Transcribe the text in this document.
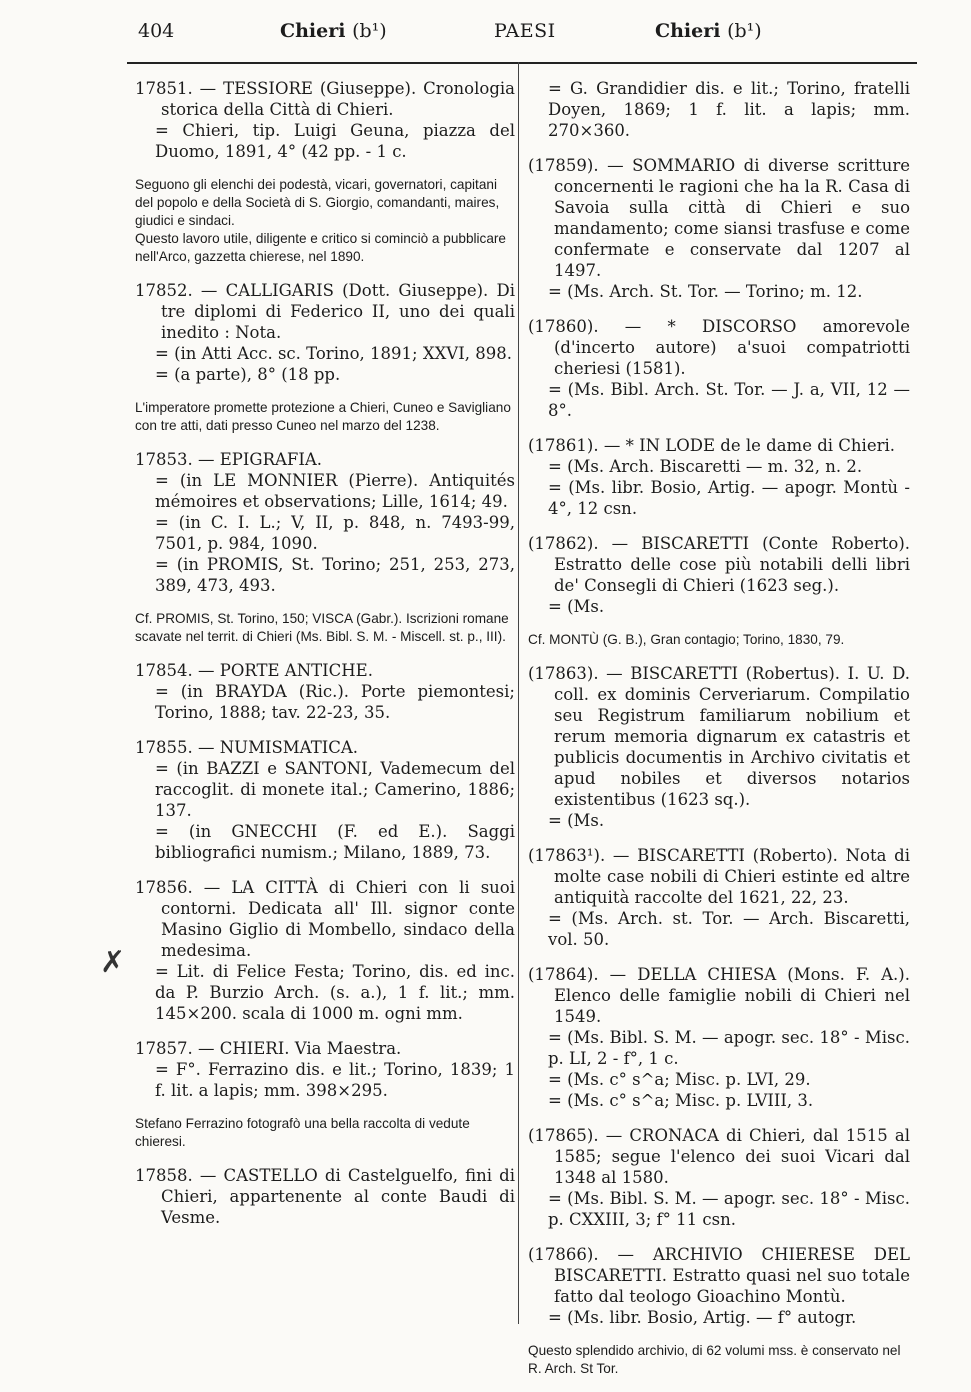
404	Chieri (b¹)	PAESI	Chieri (b¹)
✗

17851. — TESSIORE (Giuseppe). Cronologia storica della Città di Chieri.

= Chieri, tip. Luigi Geuna, piazza del Duomo, 1891, 4° (42 pp. - 1 c.

Seguono gli elenchi dei podestà, vicari, governatori, capitani del popolo e della Società di S. Giorgio, comandanti, maires, giudici e sindaci.

Questo lavoro utile, diligente e critico si cominciò a pubblicare nell'Arco, gazzetta chierese, nel 1890.

17852. — CALLIGARIS (Dott. Giuseppe). Di tre diplomi di Federico II, uno dei quali inedito : Nota.

= (in Atti Acc. sc. Torino, 1891; XXVI, 898.

= (a parte), 8° (18 pp.

L'imperatore promette protezione a Chieri, Cuneo e Savigliano con tre atti, dati presso Cuneo nel marzo del 1238.

17853. — EPIGRAFIA.

= (in LE MONNIER (Pierre). Antiquités mémoires et observations; Lille, 1614; 49.

= (in C. I. L.; V, II, p. 848, n. 7493-99, 7501, p. 984, 1090.

= (in PROMIS, St. Torino; 251, 253, 273, 389, 473, 493.

Cf. PROMIS, St. Torino, 150; VISCA (Gabr.). Iscrizioni romane scavate nel territ. di Chieri (Ms. Bibl. S. M. - Miscell. st. p., III).

17854. — PORTE ANTICHE.

= (in BRAYDA (Ric.). Porte piemontesi; Torino, 1888; tav. 22-23, 35.

17855. — NUMISMATICA.

= (in BAZZI e SANTONI, Vademecum del raccoglit. di monete ital.; Camerino, 1886; 137.

= (in GNECCHI (F. ed E.). Saggi bibliografici numism.; Milano, 1889, 73.

17856. — LA CITTÀ di Chieri con li suoi contorni. Dedicata all' Ill. signor conte Masino Giglio di Mombello, sindaco della medesima.

= Lit. di Felice Festa; Torino, dis. ed inc. da P. Burzio Arch. (s. a.), 1 f. lit.; mm. 145×200. scala di 1000 m. ogni mm.

17857. — CHIERI. Via Maestra.

= F°. Ferrazino dis. e lit.; Torino, 1839; 1 f. lit. a lapis; mm. 398×295.

Stefano Ferrazino fotografò una bella raccolta di vedute chieresi.

17858. — CASTELLO di Castelguelfo, fini di Chieri, appartenente al conte Baudi di Vesme.

= G. Grandidier dis. e lit.; Torino, fratelli Doyen, 1869; 1 f. lit. a lapis; mm. 270×360.

(17859). — SOMMARIO di diverse scritture concernenti le ragioni che ha la R. Casa di Savoia sulla città di Chieri e suo mandamento; come siansi trasfuse e come confermate e conservate dal 1207 al 1497.

= (Ms. Arch. St. Tor. — Torino; m. 12.

(17860). — * DISCORSO amorevole (d'incerto autore) a'suoi compatriotti cheriesi (1581).

= (Ms. Bibl. Arch. St. Tor. — J. a, VII, 12 — 8°.

(17861). — * IN LODE de le dame di Chieri.

= (Ms. Arch. Biscaretti — m. 32, n. 2.

= (Ms. libr. Bosio, Artig. — apogr. Montù - 4°, 12 csn.

(17862). — BISCARETTI (Conte Roberto). Estratto delle cose più notabili delli libri de' Consegli di Chieri (1623 seg.).

= (Ms.

Cf. MONTÙ (G. B.), Gran contagio; Torino, 1830, 79.

(17863). — BISCARETTI (Robertus). I. U. D. coll. ex dominis Cerveriarum. Compilatio seu Registrum familiarum nobilium et rerum memoria dignarum ex catastris et publicis documentis in Archivo civitatis et apud nobiles et diversos notarios existentibus (1623 sq.).

= (Ms.

(17863¹). — BISCARETTI (Roberto). Nota di molte case nobili di Chieri estinte ed altre antiquità raccolte del 1621, 22, 23.

= (Ms. Arch. st. Tor. — Arch. Biscaretti, vol. 50.

(17864). — DELLA CHIESA (Mons. F. A.). Elenco delle famiglie nobili di Chieri nel 1549.

= (Ms. Bibl. S. M. — apogr. sec. 18° - Misc. p. LI, 2 - f°, 1 c.

= (Ms. c° s^a; Misc. p. LVI, 29.

= (Ms. c° s^a; Misc. p. LVIII, 3.

(17865). — CRONACA di Chieri, dal 1515 al 1585; segue l'elenco dei suoi Vicari dal 1348 al 1580.

= (Ms. Bibl. S. M. — apogr. sec. 18° - Misc. p. CXXIII, 3; f° 11 csn.

(17866). — ARCHIVIO CHIERESE DEL BISCARETTI. Estratto quasi nel suo totale fatto dal teologo Gioachino Montù.

= (Ms. libr. Bosio, Artig. — f° autogr.

Questo splendido archivio, di 62 volumi mss. è conservato nel R. Arch. St Tor.
